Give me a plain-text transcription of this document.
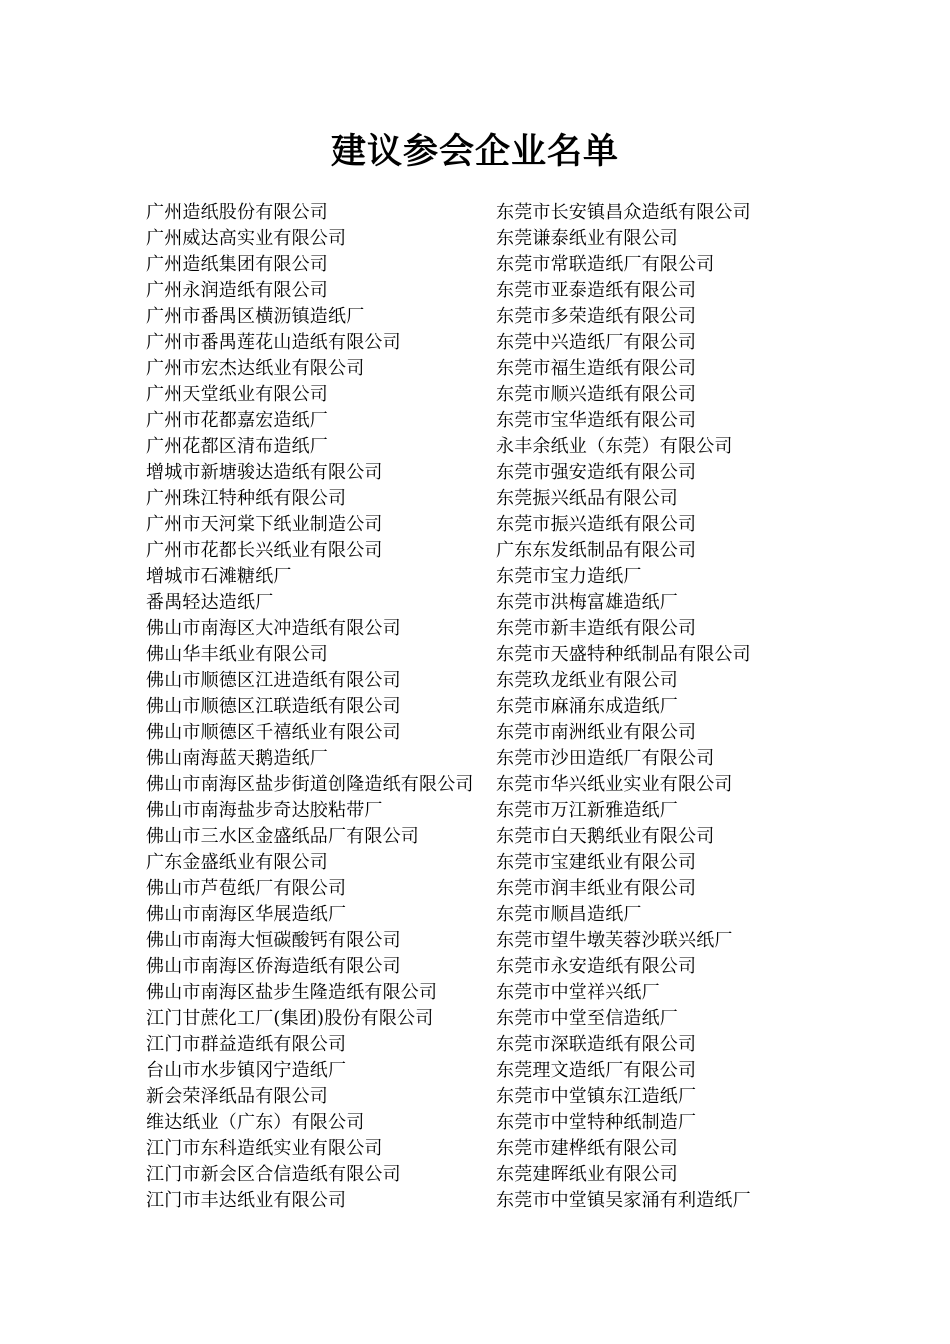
建议参会企业名单
广州造纸股份有限公司
广州威达高实业有限公司
广州造纸集团有限公司
广州永润造纸有限公司
广州市番禺区横沥镇造纸厂
广州市番禺莲花山造纸有限公司
广州市宏杰达纸业有限公司
广州天堂纸业有限公司
广州市花都嘉宏造纸厂
广州花都区清布造纸厂
增城市新塘骏达造纸有限公司
广州珠江特种纸有限公司
广州市天河棠下纸业制造公司
广州市花都长兴纸业有限公司
增城市石滩糖纸厂
番禺轻达造纸厂
佛山市南海区大冲造纸有限公司
佛山华丰纸业有限公司
佛山市顺德区江进造纸有限公司
佛山市顺德区江联造纸有限公司
佛山市顺德区千禧纸业有限公司
佛山南海蓝天鹅造纸厂
佛山市南海区盐步街道创隆造纸有限公司
佛山市南海盐步奇达胶粘带厂
佛山市三水区金盛纸品厂有限公司
广东金盛纸业有限公司
佛山市芦苞纸厂有限公司
佛山市南海区华展造纸厂
佛山市南海大恒碳酸钙有限公司
佛山市南海区侨海造纸有限公司
佛山市南海区盐步生隆造纸有限公司
江门甘蔗化工厂(集团)股份有限公司
江门市群益造纸有限公司
台山市水步镇冈宁造纸厂
新会荣泽纸品有限公司
维达纸业（广东）有限公司
江门市东科造纸实业有限公司
江门市新会区合信造纸有限公司
江门市丰达纸业有限公司
东莞市长安镇昌众造纸有限公司
东莞谦泰纸业有限公司
东莞市常联造纸厂有限公司
东莞市亚泰造纸有限公司
东莞市多荣造纸有限公司
东莞中兴造纸厂有限公司
东莞市福生造纸有限公司
东莞市顺兴造纸有限公司
东莞市宝华造纸有限公司
永丰余纸业（东莞）有限公司
东莞市强安造纸有限公司
东莞振兴纸品有限公司
东莞市振兴造纸有限公司
广东东发纸制品有限公司
东莞市宝力造纸厂
东莞市洪梅富雄造纸厂
东莞市新丰造纸有限公司
东莞市天盛特种纸制品有限公司
东莞玖龙纸业有限公司
东莞市麻涌东成造纸厂
东莞市南洲纸业有限公司
东莞市沙田造纸厂有限公司
东莞市华兴纸业实业有限公司
东莞市万江新雅造纸厂
东莞市白天鹅纸业有限公司
东莞市宝建纸业有限公司
东莞市润丰纸业有限公司
东莞市顺昌造纸厂
东莞市望牛墩芙蓉沙联兴纸厂
东莞市永安造纸有限公司
东莞市中堂祥兴纸厂
东莞市中堂至信造纸厂
东莞市深联造纸有限公司
东莞理文造纸厂有限公司
东莞市中堂镇东江造纸厂
东莞市中堂特种纸制造厂
东莞市建桦纸有限公司
东莞建晖纸业有限公司
东莞市中堂镇吴家涌有利造纸厂
